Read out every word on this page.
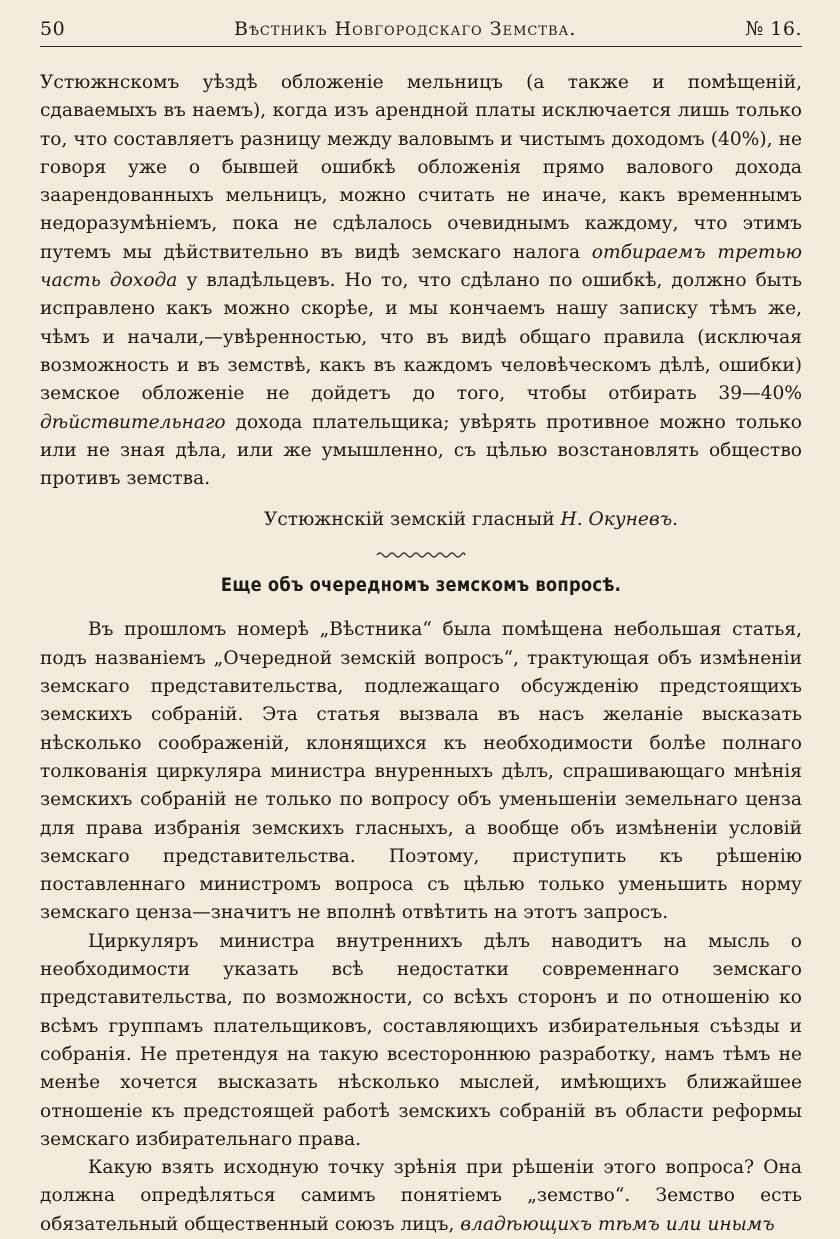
50	Вѣстникъ Новгородскаго Земства.	№ 16.

Устюжнскомъ уѣздѣ обложеніе мельницъ (а также и помѣщеній, сдаваемыхъ въ наемъ), когда изъ арендной платы исключается лишь только то, что составляетъ разницу между валовымъ и чистымъ доходомъ (40%), не говоря уже о бывшей ошибкѣ обложенія прямо валового дохода заарендованныхъ мельницъ, можно считать не иначе, какъ временнымъ недоразумѣніемъ, пока не сдѣлалось очевиднымъ каждому, что этимъ путемъ мы дѣйствительно въ видѣ земскаго налога отбираемъ третью часть дохода у владѣльцевъ. Но то, что сдѣлано по ошибкѣ, должно быть исправлено какъ можно скорѣе, и мы кончаемъ нашу записку тѣмъ же, чѣмъ и начали,—увѣренностью, что въ видѣ общаго правила (исключая возможность и въ земствѣ, какъ въ каждомъ человѣческомъ дѣлѣ, ошибки) земское обложеніе не дойдетъ до того, чтобы отбирать 39—40% дѣйствительнаго дохода плательщика; увѣрять противное можно только или не зная дѣла, или же умышленно, съ цѣлью возстановлять общество противъ земства.

Устюжнскій земскій гласный Н. Окуневъ.
Еще объ очередномъ земскомъ вопросѣ.

Въ прошломъ номерѣ „Вѣстника“ была помѣщена небольшая статья, подъ названіемъ „Очередной земскій вопросъ“, трактующая объ измѣненіи земскаго представительства, подлежащаго обсужденію предстоящихъ земскихъ собраній. Эта статья вызвала въ насъ желаніе высказать нѣсколько соображеній, клонящихся къ необходимости болѣе полнаго толкованія циркуляра министра внуренныхъ дѣлъ, спрашивающаго мнѣнія земскихъ собраній не только по вопросу объ уменьшеніи земельнаго ценза для права избранія земскихъ гласныхъ, а вообще объ измѣненіи условій земскаго представительства. Поэтому, приступить къ рѣшенію поставленнаго министромъ вопроса съ цѣлью только уменьшить норму земскаго ценза—значитъ не вполнѣ отвѣтить на этотъ запросъ.

Циркуляръ министра внутреннихъ дѣлъ наводитъ на мысль о необходимости указать всѣ недостатки современнаго земскаго представительства, по возможности, со всѣхъ сторонъ и по отношенію ко всѣмъ группамъ плательщиковъ, составляющихъ избирательныя съѣзды и собранія. Не претендуя на такую всестороннюю разработку, намъ тѣмъ не менѣе хочется высказать нѣсколько мыслей, имѣющихъ ближайшее отношеніе къ предстоящей работѣ земскихъ собраній въ области реформы земскаго избирательнаго права.

Какую взять исходную точку зрѣнія при рѣшеніи этого вопроса? Она должна опредѣляться самимъ понятіемъ „земство“. Земство есть обязательный общественный союзъ лицъ, владѣющихъ тѣмъ или инымъ
